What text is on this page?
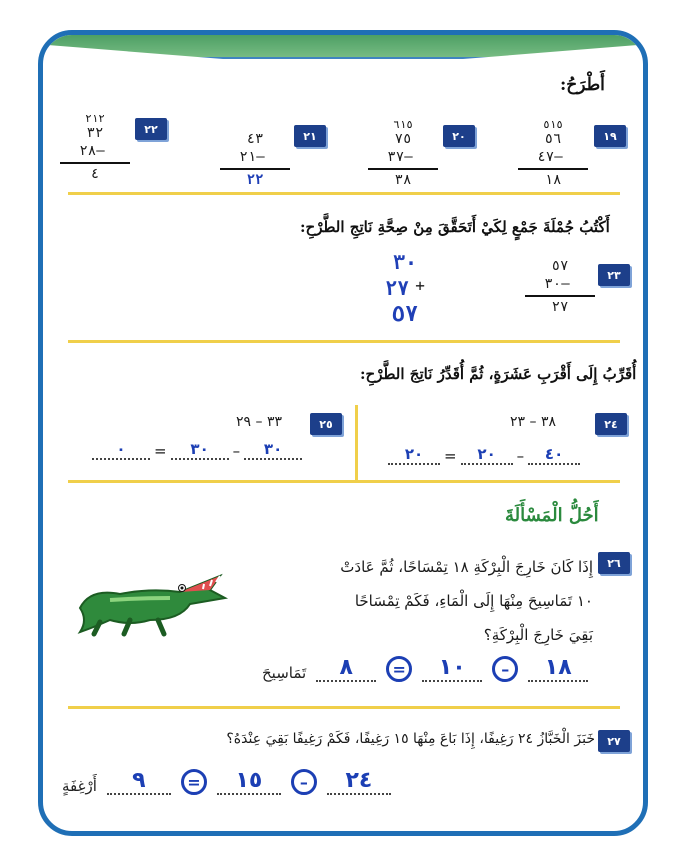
أَطْرَحُ:
١٩
١٥
٥
٥٦
–
٤٧
١٨
٢٠
١٥
٦
٧٥
–
٣٧
٣٨
٢١
٤٣
–
٢١
٢٢
٢٢
١٢
٢
٣٢
–
٢٨
٤
أَكْتُبُ جُمْلَةَ جَمْعٍ لِكَيْ أَتَحَقَّقَ مِنْ صِحَّةِ نَاتِجِ الطَّرْحِ:
٢٣
٥٧
–
٣٠
٢٧
٣٠
+
٢٧
٥٧
أُقَرِّبُ إِلَى أَقْرَبِ عَشَرَةٍ، ثُمَّ أُقَدِّرُ نَاتِجَ الطَّرْحِ:
٢٤
٣٨ – ٢٣
٤٠
–
٢٠
=
٢٠
٢٥
٣٣ – ٢٩
٣٠
–
٣٠
=
٠
أَحُلُّ الْمَسْأَلَةَ
٢٦
إِذَا كَانَ خَارِجَ الْبِرْكَةِ ١٨ تِمْسَاحًا، ثُمَّ عَادَتْ
١٠ تَمَاسِيحَ مِنْهَا إِلَى الْمَاءِ، فَكَمْ تِمْسَاحًا
بَقِيَ خَارِجَ الْبِرْكَةِ؟
١٨
–
١٠
=
٨
تَمَاسِيحَ
٢٧
خَبَزَ الْخَبَّازُ ٢٤ رَغِيفًا، إِذَا بَاعَ مِنْهَا ١٥ رَغِيفًا، فَكَمْ رَغِيفًا بَقِيَ عِنْدَهُ؟
٢٤
–
١٥
=
٩
أَرْغِفَةٍ
